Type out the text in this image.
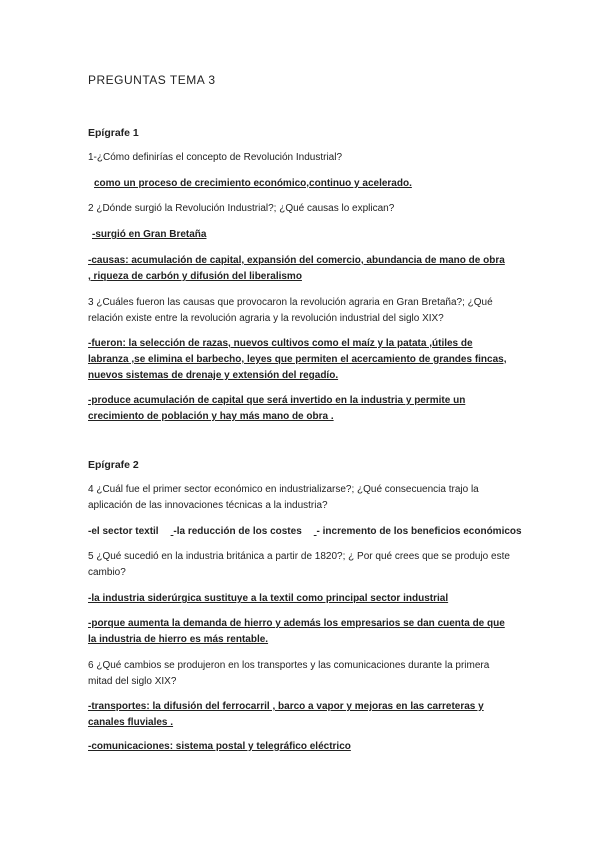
PREGUNTAS TEMA 3
Epígrafe 1
1-¿Cómo definirías el concepto de Revolución Industrial?
como un proceso de crecimiento económico,continuo y acelerado.
2 ¿Dónde surgió la Revolución Industrial?; ¿Qué causas lo explican?
-surgió en Gran Bretaña
-causas: acumulación de capital, expansión del comercio, abundancia de mano de obra , riqueza de carbón y difusión del liberalismo
3 ¿Cuáles fueron las causas que provocaron la revolución agraria en Gran Bretaña?; ¿Qué relación existe entre la revolución agraria y la revolución industrial del siglo XIX?
-fueron: la selección de razas, nuevos cultivos como el maíz y la patata ,útiles de labranza ,se elimina el barbecho, leyes que permiten el acercamiento de grandes fincas, nuevos sistemas de drenaje y extensión del regadío.
-produce acumulación de capital que será invertido en la industria y permite un crecimiento de población y hay más mano de obra .
Epígrafe 2
4 ¿Cuál fue el primer sector económico en industrializarse?; ¿Qué consecuencia trajo la aplicación de las innovaciones técnicas a la industria?
-el sector textil -la reducción de los costes - incremento de los beneficios económicos
5 ¿Qué sucedió en la industria británica a partir de 1820?; ¿ Por qué crees que se produjo este cambio?
-la industria siderúrgica sustituye a la textil como principal sector industrial
-porque aumenta la demanda de hierro y además los empresarios se dan cuenta de que la industria de hierro es más rentable.
6 ¿Qué cambios se produjeron en los transportes y las comunicaciones durante la primera mitad del siglo XIX?
-transportes: la difusión del ferrocarril , barco a vapor y mejoras en las carreteras y canales fluviales .
-comunicaciones: sistema postal y telegráfico eléctrico
